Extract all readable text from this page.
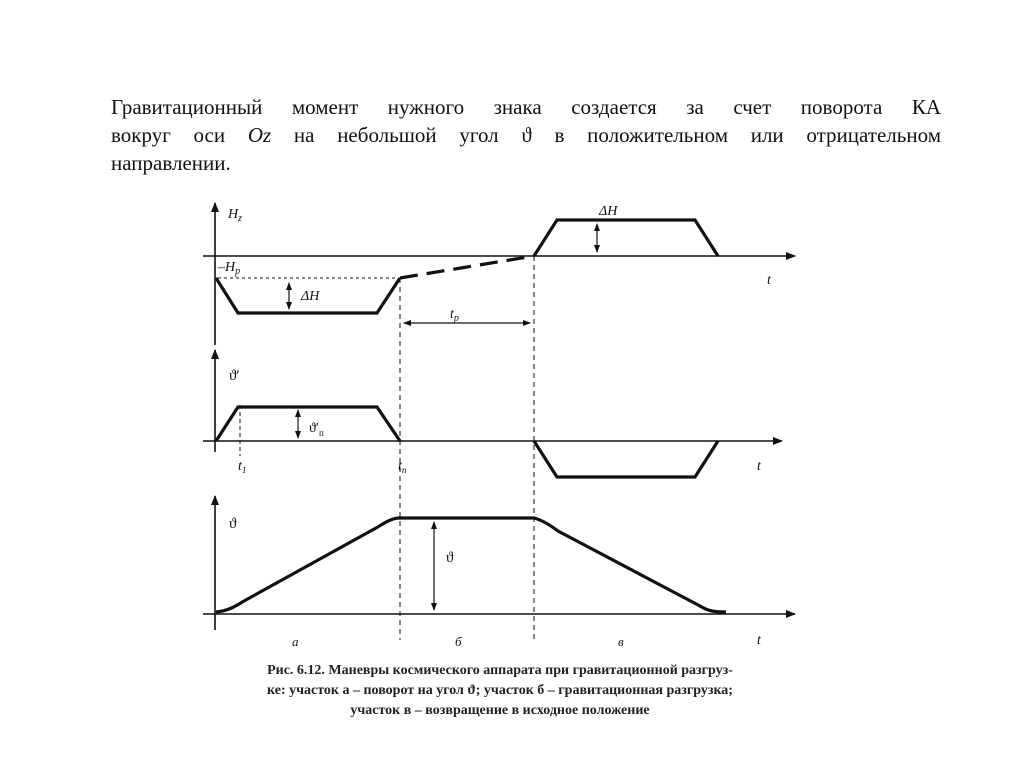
Гравитационный момент нужного знака создается за счет поворота КА
вокруг оси Oz на небольшой угол ϑ в положительном или отрицательном
направлении.
$H_z$
t
$-H_р$
ΔH
ΔH
$t_р$
ϑ′
$ϑ'_п$
$t_1$	$t_п$	t
ϑ
ϑ
t
а	б	в
Рис. 6.12. Маневры космического аппарата при гравитационной разгруз-
ке: участок а – поворот на угол ϑ; участок б – гравитационная разгрузка;
участок в – возвращение в исходное положение
